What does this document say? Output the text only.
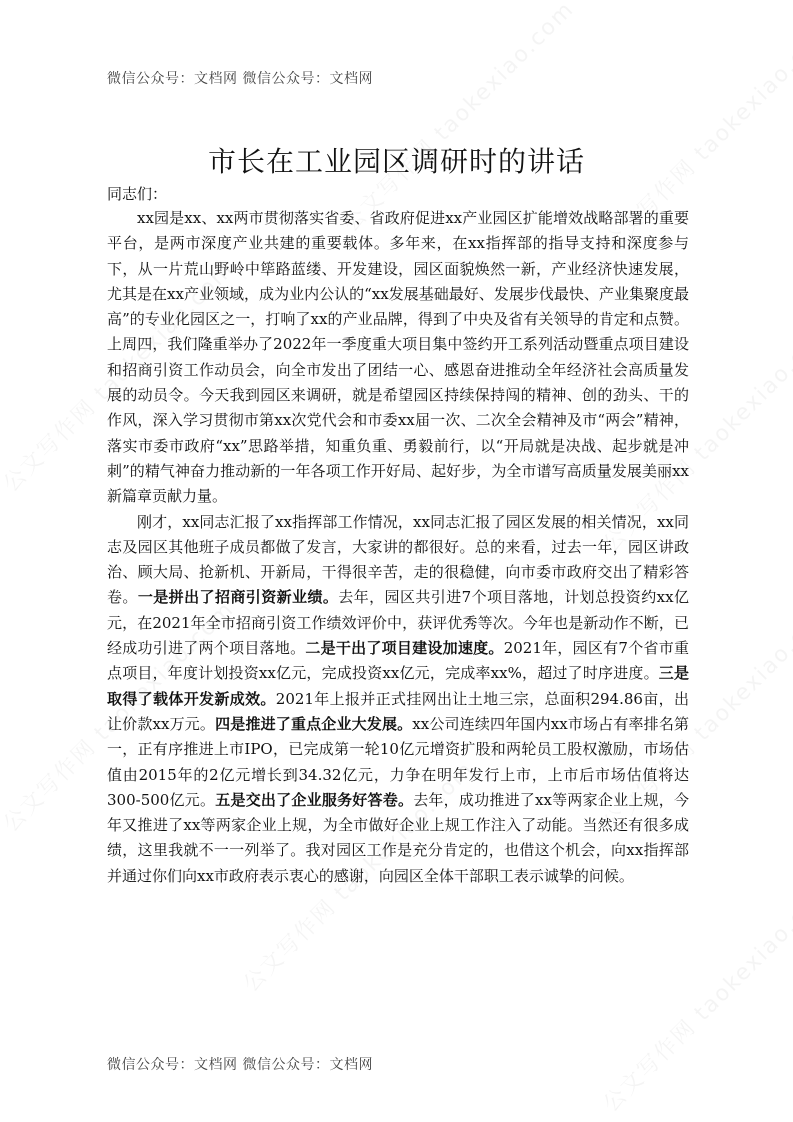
微信公众号：文档网 微信公众号：文档网
市长在工业园区调研时的讲话
同志们：

xx园是xx、xx两市贯彻落实省委、省政府促进xx产业园区扩能增效战略部署的重要平台，是两市深度产业共建的重要载体。多年来，在xx指挥部的指导支持和深度参与下，从一片荒山野岭中筚路蓝缕、开发建设，园区面貌焕然一新，产业经济快速发展，尤其是在xx产业领域，成为业内公认的“xx发展基础最好、发展步伐最快、产业集聚度最高”的专业化园区之一，打响了xx的产业品牌，得到了中央及省有关领导的肯定和点赞。上周四，我们隆重举办了2022年一季度重大项目集中签约开工系列活动暨重点项目建设和招商引资工作动员会，向全市发出了团结一心、感恩奋进推动全年经济社会高质量发展的动员令。今天我到园区来调研，就是希望园区持续保持闯的精神、创的劲头、干的作风，深入学习贯彻市第xx次党代会和市委xx届一次、二次全会精神及市“两会”精神，落实市委市政府“xx”思路举措，知重负重、勇毅前行，以“开局就是决战、起步就是冲刺”的精气神奋力推动新的一年各项工作开好局、起好步，为全市谱写高质量发展美丽xx新篇章贡献力量。

刚才，xx同志汇报了xx指挥部工作情况，xx同志汇报了园区发展的相关情况，xx同志及园区其他班子成员都做了发言，大家讲的都很好。总的来看，过去一年，园区讲政治、顾大局、抢新机、开新局，干得很辛苦，走的很稳健，向市委市政府交出了精彩答卷。一是拼出了招商引资新业绩。去年，园区共引进7个项目落地，计划总投资约xx亿元，在2021年全市招商引资工作绩效评价中，获评优秀等次。今年也是新动作不断，已经成功引进了两个项目落地。二是干出了项目建设加速度。2021年，园区有7个省市重点项目，年度计划投资xx亿元，完成投资xx亿元，完成率xx%，超过了时序进度。三是取得了载体开发新成效。2021年上报并正式挂网出让土地三宗，总面积294.86亩，出让价款xx万元。四是推进了重点企业大发展。xx公司连续四年国内xx市场占有率排名第一，正有序推进上市IPO，已完成第一轮10亿元增资扩股和两轮员工股权激励，市场估值由2015年的2亿元增长到34.32亿元，力争在明年发行上市，上市后市场估值将达300-500亿元。五是交出了企业服务好答卷。去年，成功推进了xx等两家企业上规，今年又推进了xx等两家企业上规，为全市做好企业上规工作注入了动能。当然还有很多成绩，这里我就不一一列举了。我对园区工作是充分肯定的，也借这个机会，向xx指挥部并通过你们向xx市政府表示衷心的感谢，向园区全体干部职工表示诚挚的问候。

微信公众号：文档网 微信公众号：文档网
